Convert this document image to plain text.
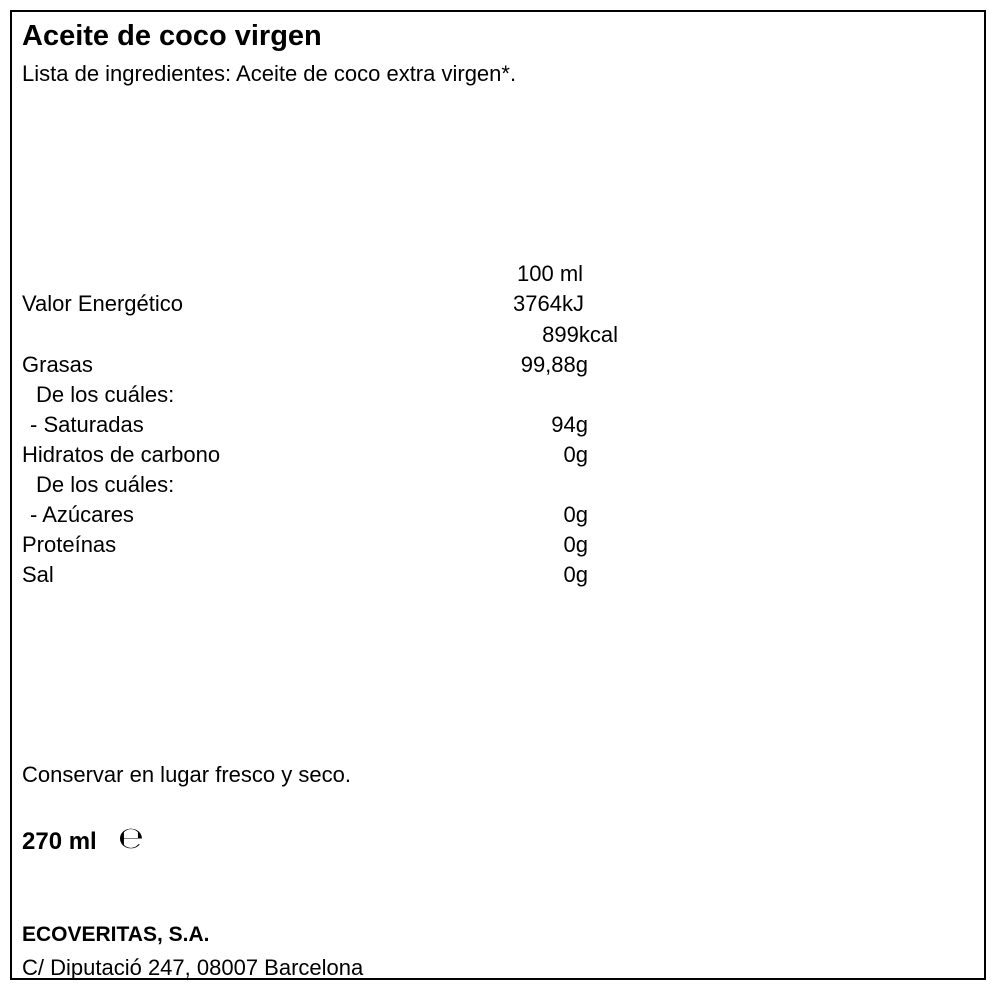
Aceite de coco virgen
Lista de ingredientes: Aceite de coco extra virgen*.
100 ml
Valor Energético	3764kJ
899kcal
Grasas	99,88g
De los cuáles:
- Saturadas	94g
Hidratos de carbono	0g
De los cuáles:
- Azúcares	0g
Proteínas	0g
Sal	0g
Conservar en lugar fresco y seco.
270 ml ℮
ECOVERITAS, S.A.
C/ Diputació 247, 08007 Barcelona
